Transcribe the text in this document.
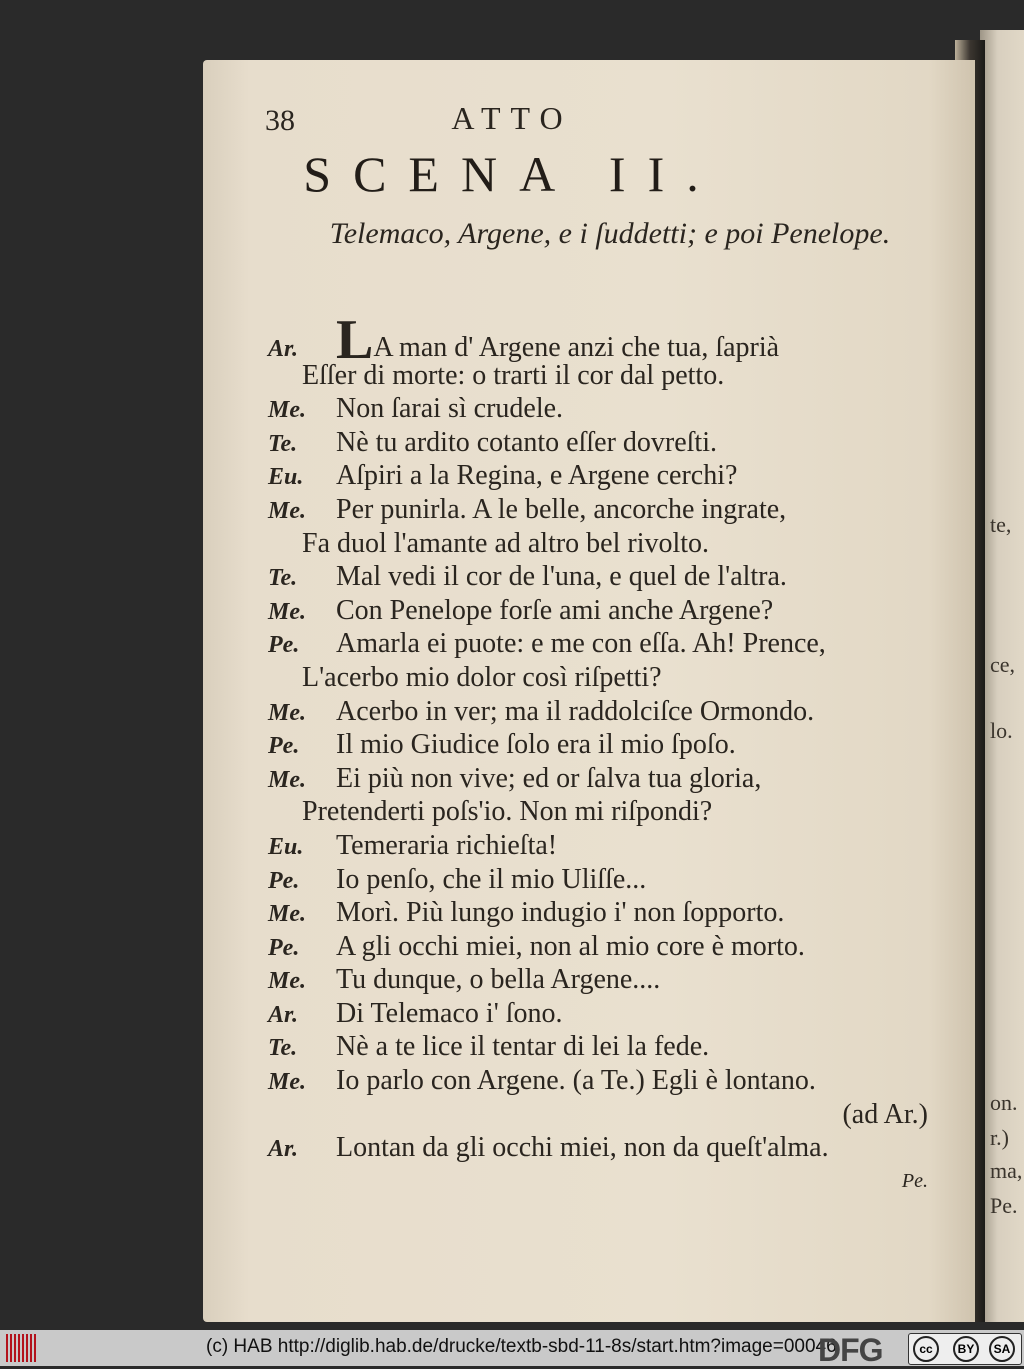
te,
ce,
lo.
on.
r.)
ma,
Pe.
38	ATTO
SCENA II.
Telemaco, Argene, e i ſuddetti; e poi Penelope.
Ar. LA man d' Argene anzi che tua, ſaprià
Eſſer di morte: o trarti il cor dal petto.
Me. Non ſarai sì crudele.
Te. Nè tu ardito cotanto eſſer dovreſti.
Eu. Aſpiri a la Regina, e Argene cerchi?
Me. Per punirla. A le belle, ancorche ingrate,
Fa duol l'amante ad altro bel rivolto.
Te. Mal vedi il cor de l'una, e quel de l'altra.
Me. Con Penelope forſe ami anche Argene?
Pe. Amarla ei puote: e me con eſſa. Ah! Prence,
L'acerbo mio dolor così riſpetti?
Me. Acerbo in ver; ma il raddolciſce Ormondo.
Pe. Il mio Giudice ſolo era il mio ſpoſo.
Me. Ei più non vive; ed or ſalva tua gloria,
Pretenderti poſs'io. Non mi riſpondi?
Eu. Temeraria richieſta!
Pe. Io penſo, che il mio Uliſſe...
Me. Morì. Più lungo indugio i' non ſopporto.
Pe. A gli occhi miei, non al mio core è morto.
Me. Tu dunque, o bella Argene....
Ar. Di Telemaco i' ſono.
Te. Nè a te lice il tentar di lei la fede.
Me. Io parlo con Argene. (a Te.) Egli è lontano.
(ad Ar.)
Ar. Lontan da gli occhi miei, non da queſt'alma.
Pe.
(c) HAB http://diglib.hab.de/drucke/textb-sbd-11-8s/start.htm?image=00046
DFG	cc	BY	SA
